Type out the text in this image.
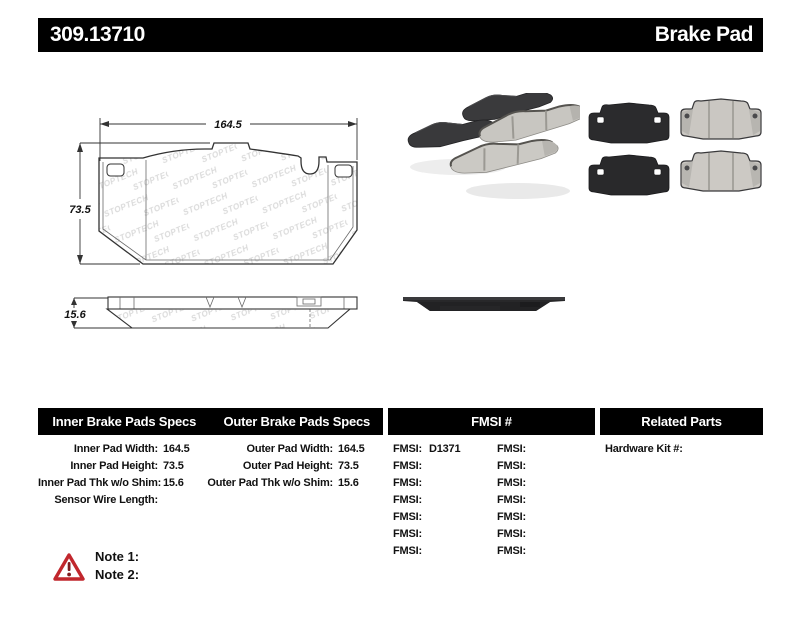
309.13710	Brake Pad
164.5
73.5
15.6
Inner Brake Pads Specs	Outer Brake Pads Specs	FMSI #	Related Parts
Inner Pad Width: 164.5
Inner Pad Height: 73.5
Inner Pad Thk w/o Shim: 15.6
Sensor Wire Length:
Outer Pad Width: 164.5
Outer Pad Height: 73.5
Outer Pad Thk w/o Shim: 15.6
FMSI: D1371
FMSI:
FMSI:
FMSI:
FMSI:
FMSI:
FMSI:
FMSI:
FMSI:
FMSI:
FMSI:
FMSI:
FMSI:
FMSI:
Hardware Kit #:
Note 1:
Note 2:
